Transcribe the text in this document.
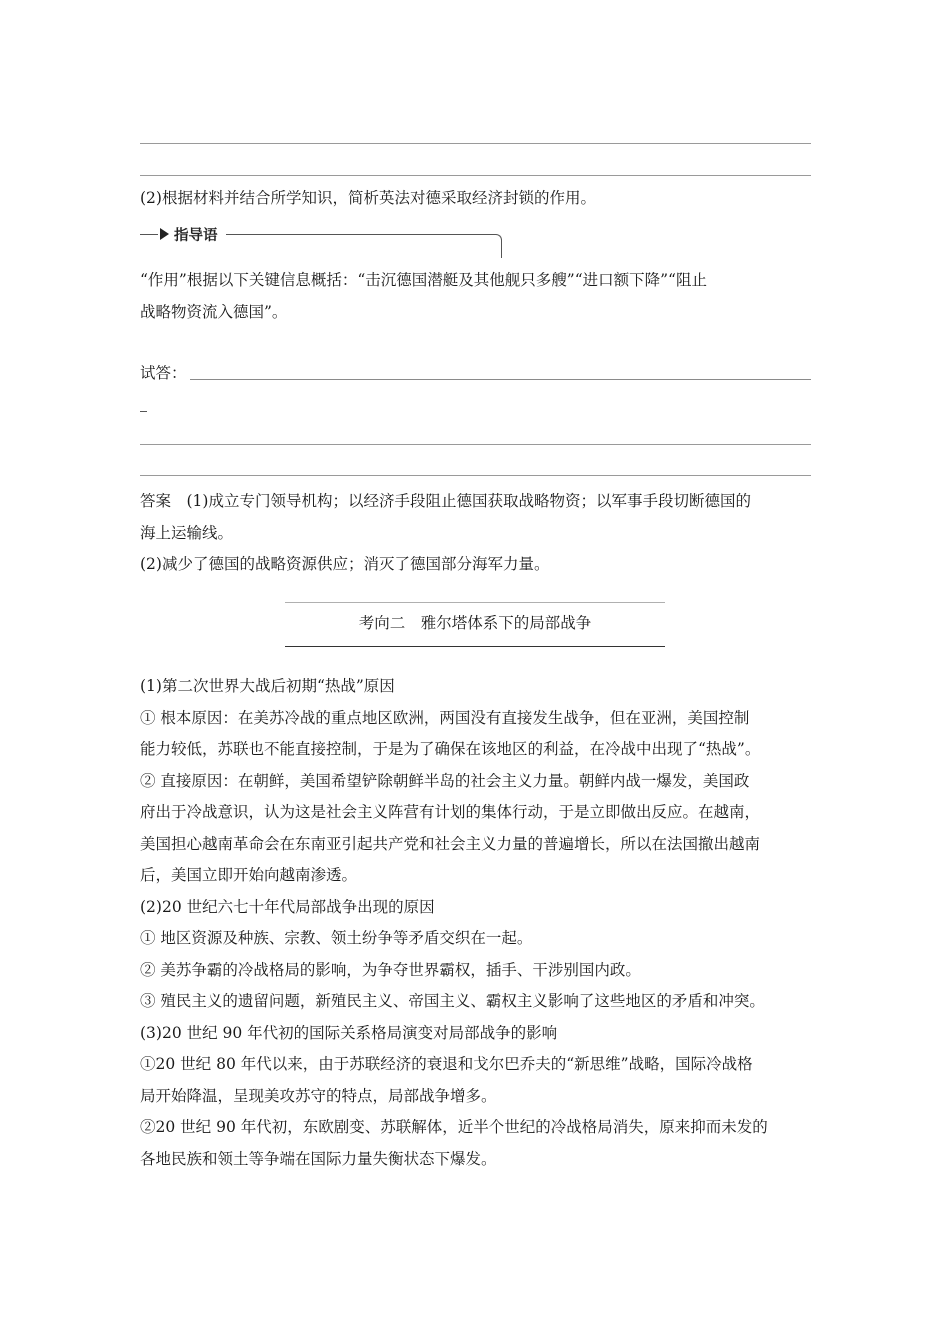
(2)根据材料并结合所学知识，简析英法对德采取经济封锁的作用。
指导语
“作用”根据以下关键信息概括：“击沉德国潜艇及其他舰只多艘”“进口额下降”“阻止
战略物资流入德国”。
试答：
答案　(1)成立专门领导机构；以经济手段阻止德国获取战略物资；以军事手段切断德国的
海上运输线。
(2)减少了德国的战略资源供应；消灭了德国部分海军力量。
考向二　雅尔塔体系下的局部战争
(1)第二次世界大战后初期“热战”原因
① 根本原因：在美苏冷战的重点地区欧洲，两国没有直接发生战争，但在亚洲，美国控制
能力较低，苏联也不能直接控制，于是为了确保在该地区的利益，在冷战中出现了“热战”。
② 直接原因：在朝鲜，美国希望铲除朝鲜半岛的社会主义力量。朝鲜内战一爆发，美国政
府出于冷战意识，认为这是社会主义阵营有计划的集体行动，于是立即做出反应。在越南，
美国担心越南革命会在东南亚引起共产党和社会主义力量的普遍增长，所以在法国撤出越南
后，美国立即开始向越南渗透。
(2)20 世纪六七十年代局部战争出现的原因
① 地区资源及种族、宗教、领土纷争等矛盾交织在一起。
② 美苏争霸的冷战格局的影响，为争夺世界霸权，插手、干涉别国内政。
③ 殖民主义的遗留问题，新殖民主义、帝国主义、霸权主义影响了这些地区的矛盾和冲突。
(3)20 世纪 90 年代初的国际关系格局演变对局部战争的影响
①20 世纪 80 年代以来，由于苏联经济的衰退和戈尔巴乔夫的“新思维”战略，国际冷战格
局开始降温，呈现美攻苏守的特点，局部战争增多。
②20 世纪 90 年代初，东欧剧变、苏联解体，近半个世纪的冷战格局消失，原来抑而未发的
各地民族和领土等争端在国际力量失衡状态下爆发。
